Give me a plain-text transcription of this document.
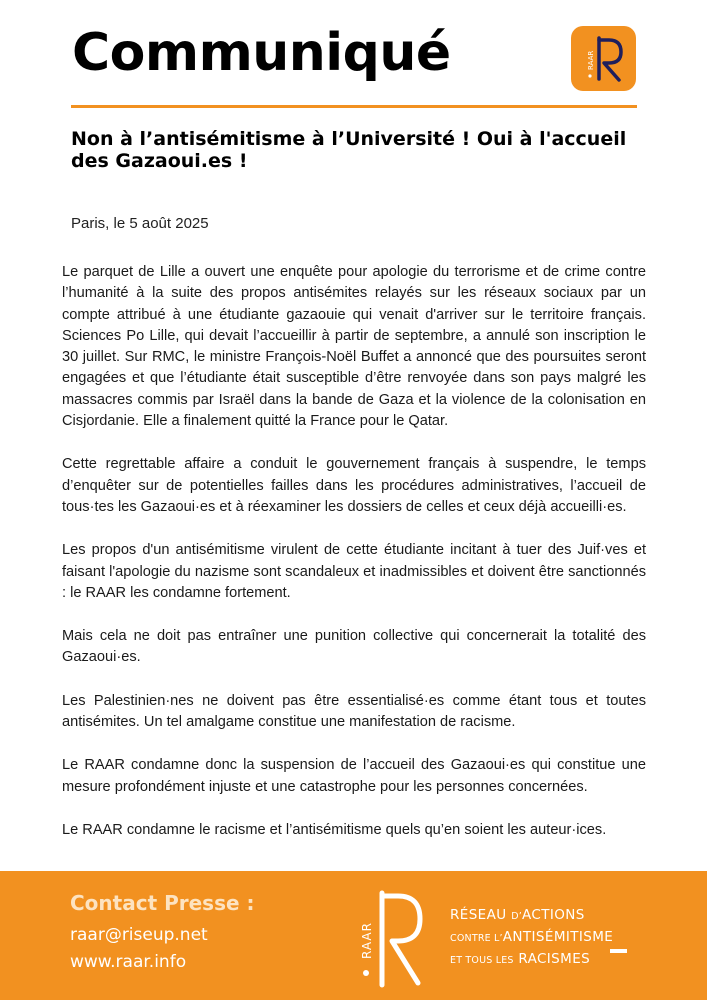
Communiqué	RAAR
Non à l’antisémitisme à l’Université ! Oui à l'accueil des Gazaoui.es !
Paris, le 5 août 2025

Le parquet de Lille a ouvert une enquête pour apologie du terrorisme et de crime contre l’humanité à la suite des propos antisémites relayés sur les réseaux sociaux par un compte attribué à une étudiante gazaouie qui venait d'arriver sur le territoire français. Sciences Po Lille, qui devait l’accueillir à partir de septembre, a annulé son inscription le 30 juillet. Sur RMC, le ministre François-Noël Buffet a annoncé que des poursuites seront engagées et que l’étudiante était susceptible d’être renvoyée dans son pays malgré les massacres commis par Israël dans la bande de Gaza et la violence de la colonisation en Cisjordanie. Elle a finalement quitté la France pour le Qatar.

Cette regrettable affaire a conduit le gouvernement français à suspendre, le temps d’enquêter sur de potentielles failles dans les procédures administratives, l’accueil de tous·tes les Gazaoui·es et à réexaminer les dossiers de celles et ceux déjà accueilli·es.

Les propos d'un antisémitisme virulent de cette étudiante incitant à tuer des Juif·ves et faisant l'apologie du nazisme sont scandaleux et inadmissibles et doivent être sanctionnés : le RAAR les condamne fortement.

Mais cela ne doit pas entraîner une punition collective qui concernerait la totalité des Gazaoui·es.

Les Palestinien·nes ne doivent pas être essentialisé·es comme étant tous et toutes antisémites. Un tel amalgame constitue une manifestation de racisme.

Le RAAR condamne donc la suspension de l’accueil des Gazaoui·es qui constitue une mesure profondément injuste et une catastrophe pour les personnes concernées.

Le RAAR condamne le racisme et l’antisémitisme quels qu’en soient les auteur·ices.

Contact Presse :
raar@riseup.net
www.raar.info
RAAR
RÉSEAU D’ACTIONS
CONTRE L’ANTISÉMITISME
ET TOUS LES RACISMES
